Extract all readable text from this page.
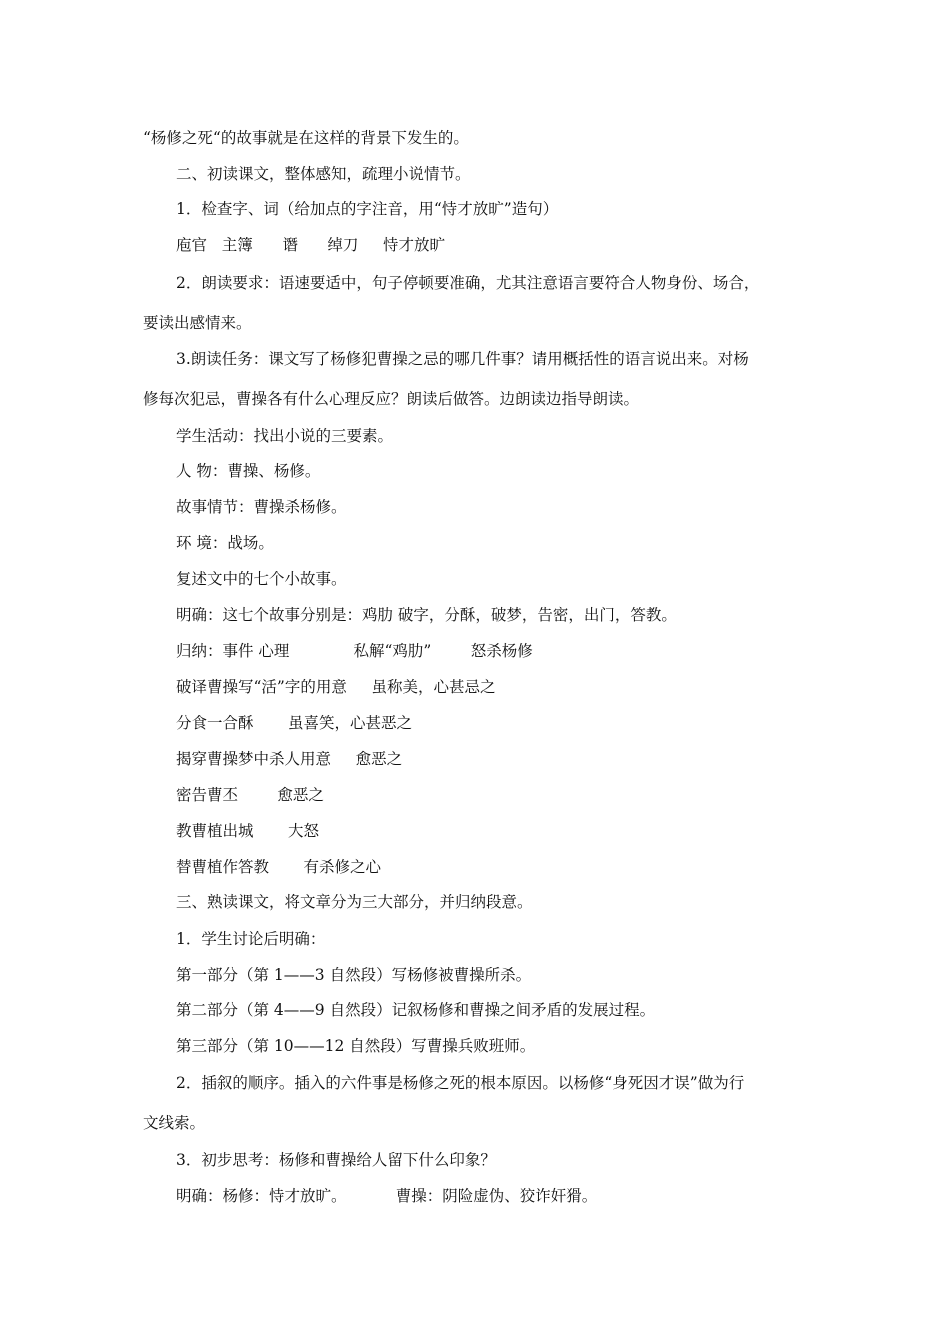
“杨修之死“的故事就是在这样的背景下发生的。
二、初读课文，整体感知，疏理小说情节。
1．检查字、词（给加点的字注音，用“恃才放旷”造句）
庖官   主簿      谮      绰刀     恃才放旷
2．朗读要求：语速要适中，句子停顿要准确，尤其注意语言要符合人物身份、场合，
要读出感情来。
3.朗读任务：课文写了杨修犯曹操之忌的哪几件事？请用概括性的语言说出来。对杨
修每次犯忌，曹操各有什么心理反应？朗读后做答。边朗读边指导朗读。
学生活动：找出小说的三要素。
人 物：曹操、杨修。
故事情节：曹操杀杨修。
环 境：战场。
复述文中的七个小故事。
明确：这七个故事分别是：鸡肋 破字，分酥，破梦，告密，出门，答教。
归纳：事件 心理             私解“鸡肋”        怒杀杨修
破译曹操写“活”字的用意     虽称美，心甚忌之
分食一合酥       虽喜笑，心甚恶之
揭穿曹操梦中杀人用意     愈恶之
密告曹丕        愈恶之
教曹植出城       大怒
替曹植作答教       有杀修之心
三、熟读课文，将文章分为三大部分，并归纳段意。
1．学生讨论后明确：
第一部分（第 1——3 自然段）写杨修被曹操所杀。
第二部分（第 4——9 自然段）记叙杨修和曹操之间矛盾的发展过程。
第三部分（第 10——12 自然段）写曹操兵败班师。
2．插叙的顺序。插入的六件事是杨修之死的根本原因。以杨修“身死因才误”做为行
文线索。
3．初步思考：杨修和曹操给人留下什么印象？
明确：杨修：恃才放旷。          曹操：阴险虚伪、狡诈奸猾。
